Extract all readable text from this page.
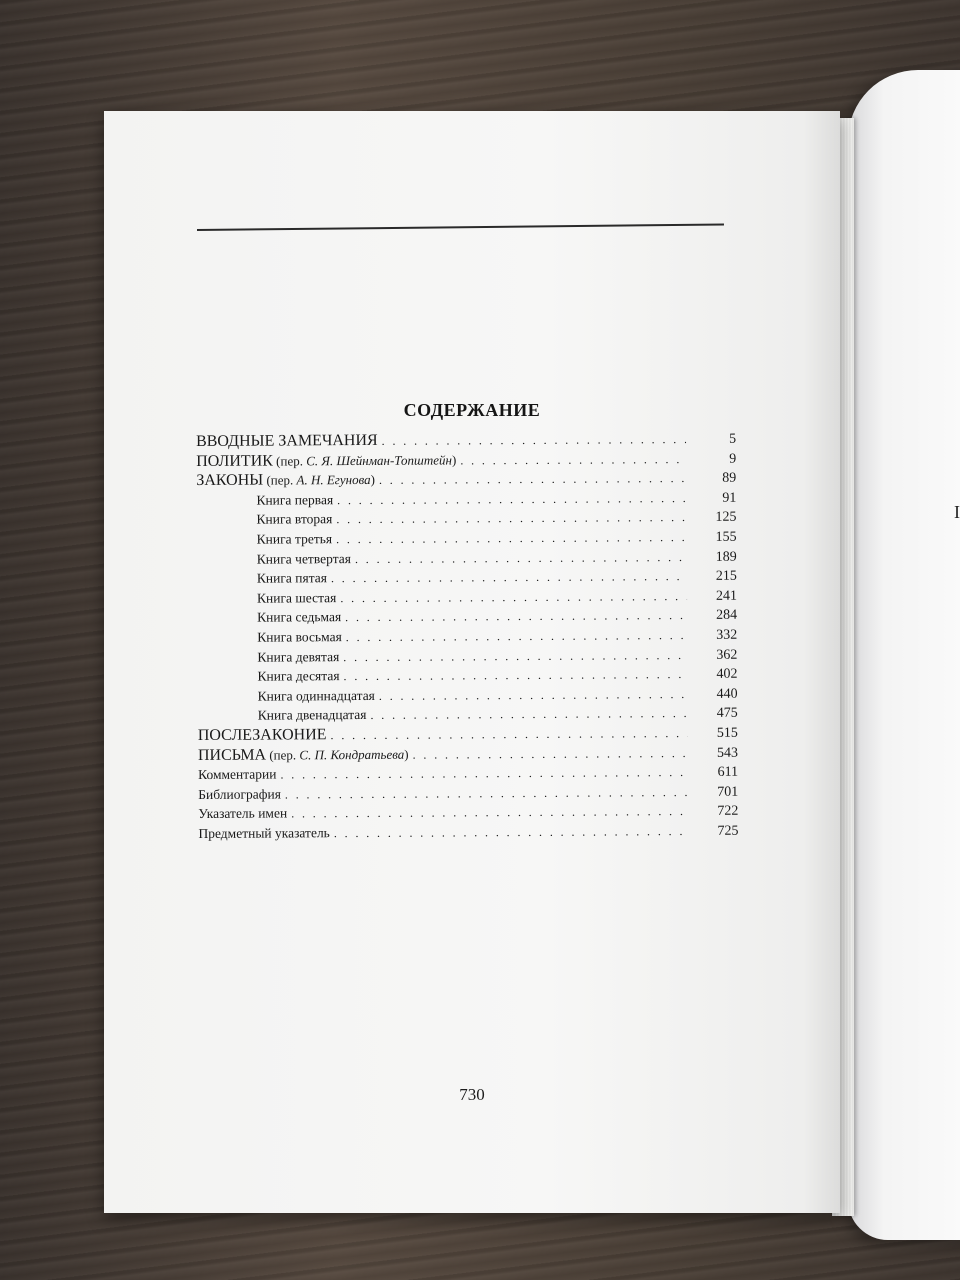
I
СОДЕРЖАНИЕ
ВВОДНЫЕ ЗАМЕЧАНИЯ . . .	5
ПОЛИТИК (пер. С. Я. Шейнман-Топштейн) . . .	9
ЗАКОНЫ (пер. А. Н. Егунова) . . .	89
Книга первая . . .	91
Книга вторая . . .	125
Книга третья . . .	155
Книга четвертая . . .	189
Книга пятая . . .	215
Книга шестая . . .	241
Книга седьмая . . .	284
Книга восьмая . . .	332
Книга девятая . . .	362
Книга десятая . . .	402
Книга одиннадцатая . . .	440
Книга двенадцатая . . .	475
ПОСЛЕЗАКОНИЕ . . .	515
ПИСЬМА (пер. С. П. Кондратьева) . . .	543
Комментарии . . .	611
Библиография . . .	701
Указатель имен . . .	722
Предметный указатель . . .	725
730
